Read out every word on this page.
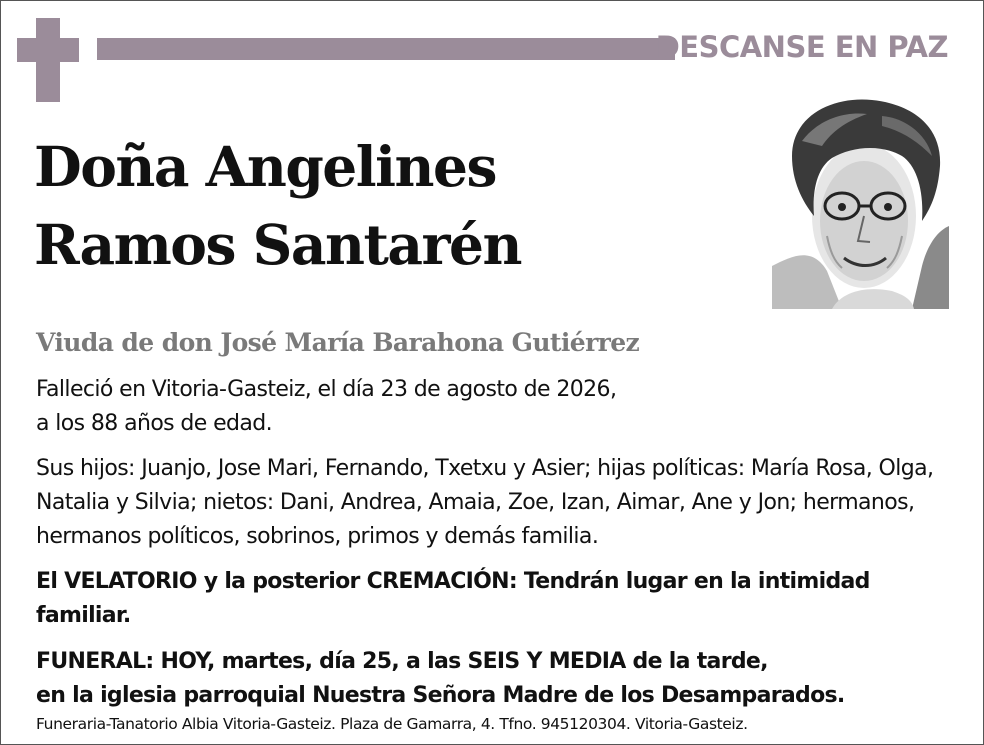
DESCANSE EN PAZ
Doña Angelines
Ramos Santarén
Viuda de don José María Barahona Gutiérrez
Falleció en Vitoria-Gasteiz, el día 23 de agosto de 2026,
a los 88 años de edad.
Sus hijos: Juanjo, Jose Mari, Fernando, Txetxu y Asier; hijas políticas: María Rosa, Olga, Natalia y Silvia; nietos: Dani, Andrea, Amaia, Zoe, Izan, Aimar, Ane y Jon; hermanos, hermanos políticos, sobrinos, primos y demás familia.
El VELATORIO y la posterior CREMACIÓN: Tendrán lugar en la intimidad familiar.
FUNERAL: HOY, martes, día 25, a las SEIS Y MEDIA de la tarde,
en la iglesia parroquial Nuestra Señora Madre de los Desamparados.
Funeraria-Tanatorio Albia Vitoria-Gasteiz. Plaza de Gamarra, 4. Tfno. 945120304. Vitoria-Gasteiz.
